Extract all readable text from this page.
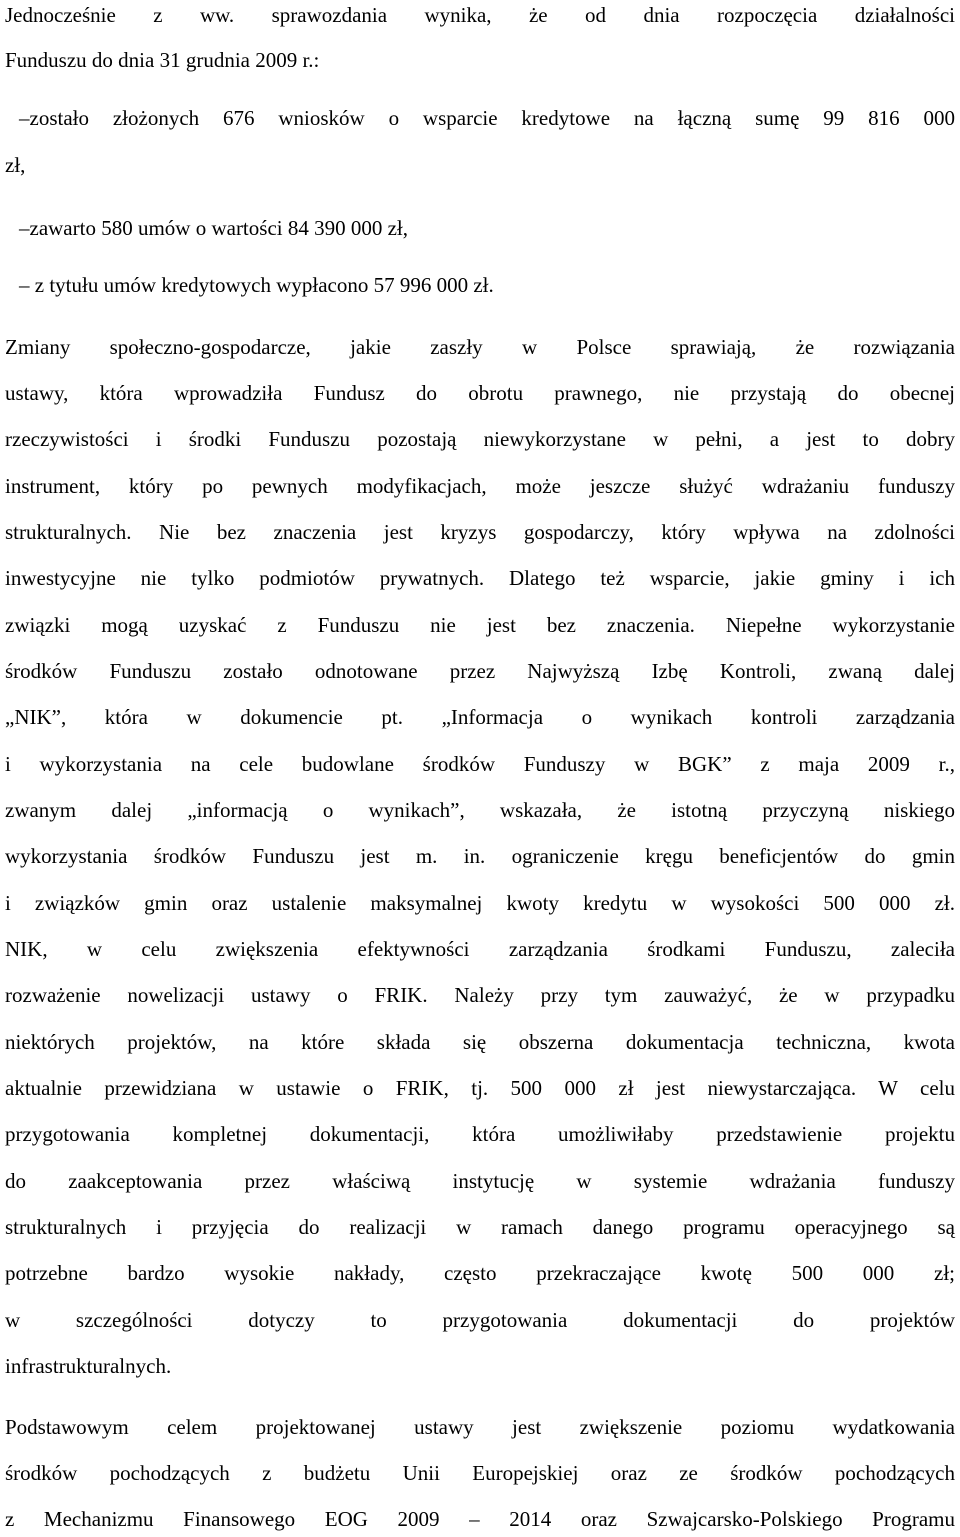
Jednocześnie z ww. sprawozdania wynika, że od dnia rozpoczęcia działalności
Funduszu do dnia 31 grudnia 2009 r.:
–zostało złożonych 676 wniosków o wsparcie kredytowe na łączną sumę 99 816 000
zł,
–zawarto 580 umów o wartości 84 390 000 zł,
– z tytułu umów kredytowych wypłacono 57 996 000 zł.
Zmiany społeczno-gospodarcze, jakie zaszły w Polsce sprawiają, że rozwiązania
ustawy, która wprowadziła Fundusz do obrotu prawnego, nie przystają do obecnej
rzeczywistości i środki Funduszu pozostają niewykorzystane w pełni, a jest to dobry
instrument, który po pewnych modyfikacjach, może jeszcze służyć wdrażaniu funduszy
strukturalnych. Nie bez znaczenia jest kryzys gospodarczy, który wpływa na zdolności
inwestycyjne nie tylko podmiotów prywatnych. Dlatego też wsparcie, jakie gminy i ich
związki mogą uzyskać z Funduszu nie jest bez znaczenia. Niepełne wykorzystanie
środków Funduszu zostało odnotowane przez Najwyższą Izbę Kontroli, zwaną dalej
„NIK”, która w dokumencie pt. „Informacja o wynikach kontroli zarządzania
i wykorzystania na cele budowlane środków Funduszy w BGK” z maja 2009 r.,
zwanym dalej „informacją o wynikach”, wskazała, że istotną przyczyną niskiego
wykorzystania środków Funduszu jest m. in. ograniczenie kręgu beneficjentów do gmin
i związków gmin oraz ustalenie maksymalnej kwoty kredytu w wysokości 500 000 zł.
NIK, w celu zwiększenia efektywności zarządzania środkami Funduszu, zaleciła
rozważenie nowelizacji ustawy o FRIK. Należy przy tym zauważyć, że w przypadku
niektórych projektów, na które składa się obszerna dokumentacja techniczna, kwota
aktualnie przewidziana w ustawie o FRIK, tj. 500 000 zł jest niewystarczająca. W celu
przygotowania kompletnej dokumentacji, która umożliwiłaby przedstawienie projektu
do zaakceptowania przez właściwą instytucję w systemie wdrażania funduszy
strukturalnych i przyjęcia do realizacji w ramach danego programu operacyjnego są
potrzebne bardzo wysokie nakłady, często przekraczające kwotę 500 000 zł;
w szczególności dotyczy to przygotowania dokumentacji do projektów
infrastrukturalnych.
Podstawowym celem projektowanej ustawy jest zwiększenie poziomu wydatkowania
środków pochodzących z budżetu Unii Europejskiej oraz ze środków pochodzących
z Mechanizmu Finansowego EOG 2009 – 2014 oraz Szwajcarsko-Polskiego Programu
